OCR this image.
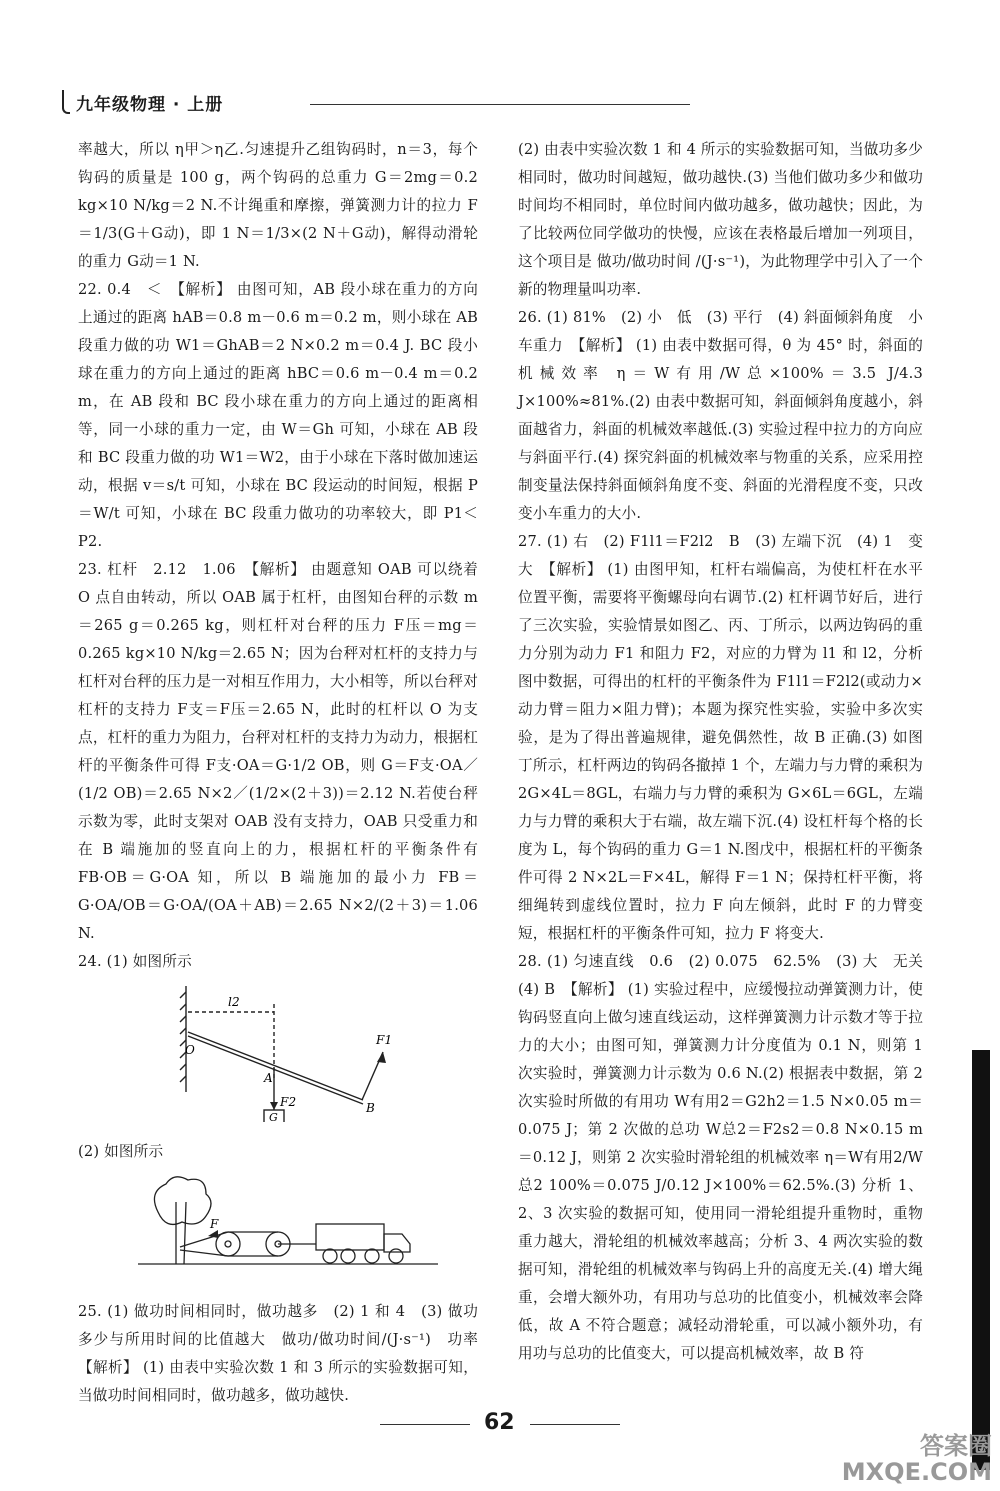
九年级物理 · 上册

率越大，所以 η甲＞η乙.匀速提升乙组钩码时，n＝3，每个钩码的质量是 100 g，两个钩码的总重力 G＝2mg＝0.2 kg×10 N/kg＝2 N.不计绳重和摩擦，弹簧测力计的拉力 F＝1/3(G＋G动)，即 1 N＝1/3×(2 N＋G动)，解得动滑轮的重力 G动＝1 N.

22. 0.4　＜　【解析】 由图可知，AB 段小球在重力的方向上通过的距离 hAB＝0.8 m－0.6 m＝0.2 m，则小球在 AB 段重力做的功 W1＝GhAB＝2 N×0.2 m＝0.4 J. BC 段小球在重力的方向上通过的距离 hBC＝0.6 m－0.4 m＝0.2 m，在 AB 段和 BC 段小球在重力的方向上通过的距离相等，同一小球的重力一定，由 W＝Gh 可知，小球在 AB 段和 BC 段重力做的功 W1＝W2，由于小球在下落时做加速运动，根据 v＝s/t 可知，小球在 BC 段运动的时间短，根据 P＝W/t 可知，小球在 BC 段重力做功的功率较大，即 P1＜P2.

23. 杠杆　2.12　1.06　【解析】 由题意知 OAB 可以绕着 O 点自由转动，所以 OAB 属于杠杆，由图知台秤的示数 m＝265 g＝0.265 kg，则杠杆对台秤的压力 F压＝mg＝0.265 kg×10 N/kg＝2.65 N；因为台秤对杠杆的支持力与杠杆对台秤的压力是一对相互作用力，大小相等，所以台秤对杠杆的支持力 F支＝F压＝2.65 N，此时的杠杆以 O 为支点，杠杆的重力为阻力，台秤对杠杆的支持力为动力，根据杠杆的平衡条件可得 F支·OA＝G·1/2 OB，则 G＝F支·OA／(1/2 OB)＝2.65 N×2／(1/2×(2＋3))＝2.12 N.若使台秤示数为零，此时支架对 OAB 没有支持力，OAB 只受重力和在 B 端施加的竖直向上的力，根据杠杆的平衡条件有 FB·OB＝G·OA 知，所以 B 端施加的最小力 FB＝G·OA/OB＝G·OA/(OA＋AB)＝2.65 N×2/(2＋3)＝1.06 N.

24. (1) 如图所示

O
A
B
l2
F1
F2
G

(2) 如图所示

F

25. (1) 做功时间相同时，做功越多　(2) 1 和 4　(3) 做功多少与所用时间的比值越大　做功/做功时间/(J·s⁻¹)　功率　【解析】 (1) 由表中实验次数 1 和 3 所示的实验数据可知，当做功时间相同时，做功越多，做功越快.

(2) 由表中实验次数 1 和 4 所示的实验数据可知，当做功多少相同时，做功时间越短，做功越快.(3) 当他们做功多少和做功时间均不相同时，单位时间内做功越多，做功越快；因此，为了比较两位同学做功的快慢，应该在表格最后增加一列项目，这个项目是 做功/做功时间 /(J·s⁻¹)，为此物理学中引入了一个新的物理量叫功率.

26. (1) 81%　(2) 小　低　(3) 平行　(4) 斜面倾斜角度　小车重力　【解析】 (1) 由表中数据可得，θ 为 45° 时，斜面的机械效率 η＝W有用/W总×100%＝3.5 J/4.3 J×100%≈81%.(2) 由表中数据可知，斜面倾斜角度越小，斜面越省力，斜面的机械效率越低.(3) 实验过程中拉力的方向应与斜面平行.(4) 探究斜面的机械效率与物重的关系，应采用控制变量法保持斜面倾斜角度不变、斜面的光滑程度不变，只改变小车重力的大小.

27. (1) 右　(2) F1l1＝F2l2　B　(3) 左端下沉　(4) 1　变大　【解析】 (1) 由图甲知，杠杆右端偏高，为使杠杆在水平位置平衡，需要将平衡螺母向右调节.(2) 杠杆调节好后，进行了三次实验，实验情景如图乙、丙、丁所示，以两边钩码的重力分别为动力 F1 和阻力 F2，对应的力臂为 l1 和 l2，分析图中数据，可得出的杠杆的平衡条件为 F1l1＝F2l2(或动力×动力臂＝阻力×阻力臂)；本题为探究性实验，实验中多次实验，是为了得出普遍规律，避免偶然性，故 B 正确.(3) 如图丁所示，杠杆两边的钩码各撤掉 1 个，左端力与力臂的乘积为 2G×4L＝8GL，右端力与力臂的乘积为 G×6L＝6GL，左端力与力臂的乘积大于右端，故左端下沉.(4) 设杠杆每个格的长度为 L，每个钩码的重力 G＝1 N.图戊中，根据杠杆的平衡条件可得 2 N×2L＝F×4L，解得 F＝1 N；保持杠杆平衡，将细绳转到虚线位置时，拉力 F 向左倾斜，此时 F 的力臂变短，根据杠杆的平衡条件可知，拉力 F 将变大.

28. (1) 匀速直线　0.6　(2) 0.075　62.5%　(3) 大　无关　(4) B　【解析】 (1) 实验过程中，应缓慢拉动弹簧测力计，使钩码竖直向上做匀速直线运动，这样弹簧测力计示数才等于拉力的大小；由图可知，弹簧测力计分度值为 0.1 N，则第 1 次实验时，弹簧测力计示数为 0.6 N.(2) 根据表中数据，第 2 次实验时所做的有用功 W有用2＝G2h2＝1.5 N×0.05 m＝0.075 J；第 2 次做的总功 W总2＝F2s2＝0.8 N×0.15 m＝0.12 J，则第 2 次实验时滑轮组的机械效率 η＝W有用2/W总2 100%＝0.075 J/0.12 J×100%＝62.5%.(3) 分析 1、2、3 次实验的数据可知，使用同一滑轮组提升重物时，重物重力越大，滑轮组的机械效率越高；分析 3、4 两次实验的数据可知，滑轮组的机械效率与钩码上升的高度无关.(4) 增大绳重，会增大额外功，有用功与总功的比值变小，机械效率会降低，故 A 不符合题意；减轻动滑轮重，可以减小额外功，有用功与总功的比值变大，可以提高机械效率，故 B 符

62
答案圈
MXQE.COM
